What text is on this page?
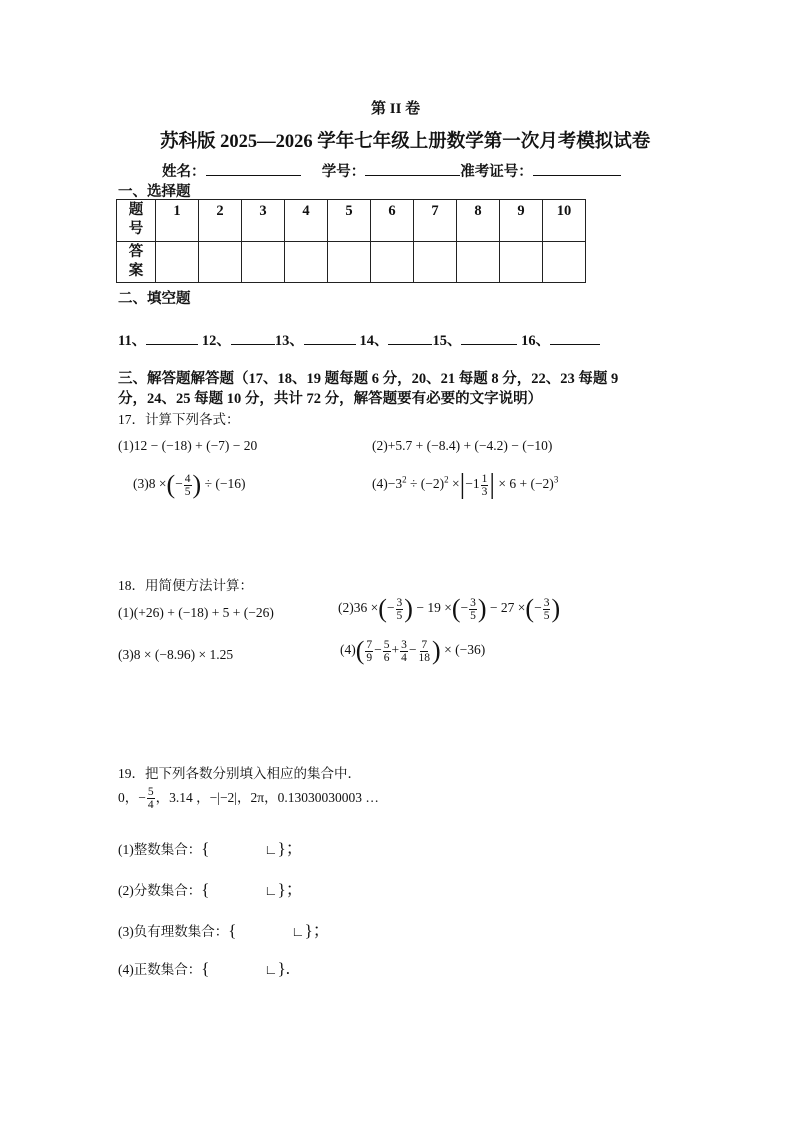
第 II 卷
苏科版 2025—2026 学年七年级上册数学第一次月考模拟试卷
姓名：	学号：	准考证号：
一、选择题
题号	1	2	3	4	5	6	7	8	9	10
答案										
二、填空题
11、	12、	13、	14、	15、	16、
三、解答题解答题（17、18、19 题每题 6 分，20、21 每题 8 分，22、23 每题 9
分，24、25 每题 10 分，共计 72 分，解答题要有必要的文字说明）
17．计算下列各式：
(1)12 − (−18) + (−7) − 20	(2)+5.7 + (−8.4) + (−4.2) − (−10)
(3)8 ×(− $\frac{4}{5}$ ) ÷ (−16)	$(4)-3^2 \div (-2)^2 \times|-1 \frac{1}{3}$ | × $6 + (-2)^3$
18．用简便方法计算：
(1)(+26) + (−18) + 5 + (−26)	(2)36 ×(− $\frac{3}{5}$ ) − 19 ×(− $\frac{3}{5}$ ) − 27 ×(− $\frac{3}{5}$ )
(3)8 × (−8.96) × 1.25	$(4)( \frac{7}{9} - \frac{5}{6} + \frac{3}{4} - \frac{7}{18}$ ) × (−36)
19．把下列各数分别填入相应的集合中．
0，− $\frac{5}{4}$ ，3.14 ，−|−2|，2π，0.13030030003 …
(1)整数集合：{	∟}；
(2)分数集合：{	∟}；
(3)负有理数集合：{	∟}；
(4)正数集合：{	∟}.
